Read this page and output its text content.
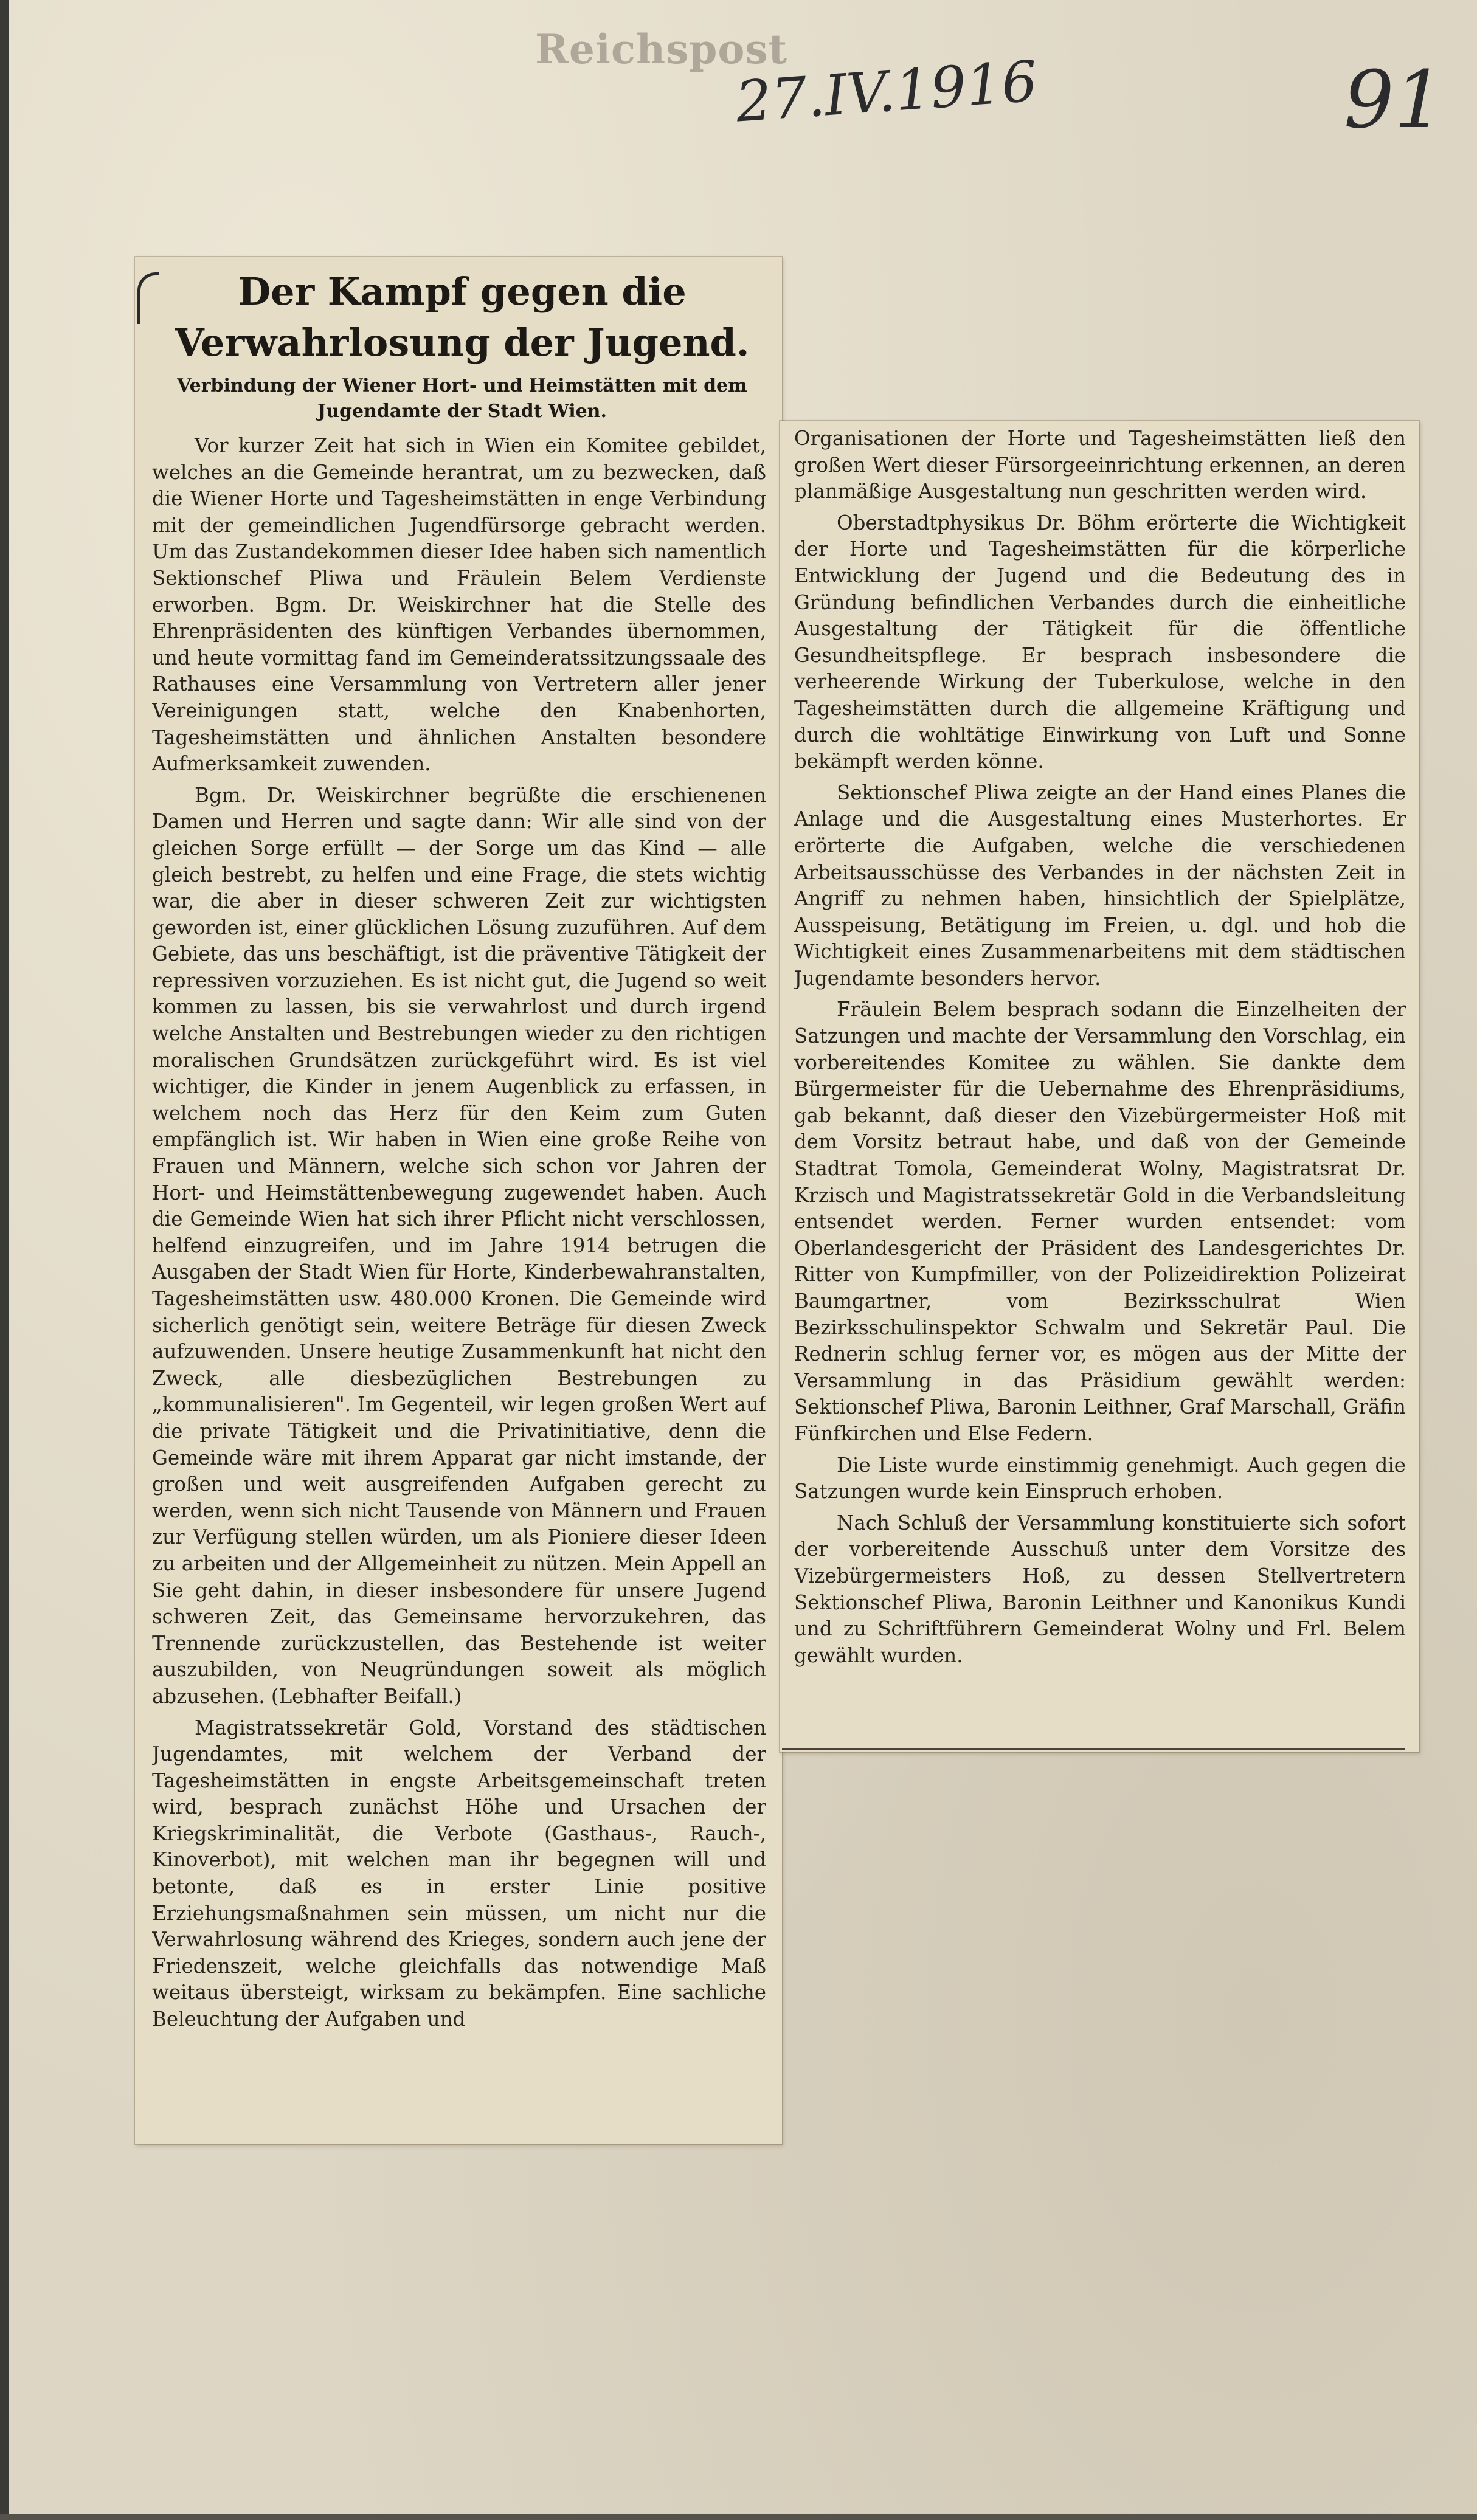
Reichspost
27.IV.1916	91
Der Kampf gegen die Verwahrlosung der Jugend.
Verbindung der Wiener Hort- und Heimstätten mit dem Jugendamte der Stadt Wien.

Vor kurzer Zeit hat sich in Wien ein Komitee gebildet, welches an die Gemeinde herantrat, um zu bezwecken, daß die Wiener Horte und Tagesheimstätten in enge Verbindung mit der gemeindlichen Jugendfürsorge gebracht werden. Um das Zustandekommen dieser Idee haben sich namentlich Sektionschef Pliwa und Fräulein Belem Verdienste erworben. Bgm. Dr. Weiskirchner hat die Stelle des Ehrenpräsidenten des künftigen Verbandes übernommen, und heute vormittag fand im Gemeinderatssitzungssaale des Rathauses eine Versammlung von Vertretern aller jener Vereinigungen statt, welche den Knabenhorten, Tagesheimstätten und ähnlichen Anstalten besondere Aufmerksamkeit zuwenden.

Bgm. Dr. Weiskirchner begrüßte die erschienenen Damen und Herren und sagte dann: Wir alle sind von der gleichen Sorge erfüllt — der Sorge um das Kind — alle gleich bestrebt, zu helfen und eine Frage, die stets wichtig war, die aber in dieser schweren Zeit zur wichtigsten geworden ist, einer glücklichen Lösung zuzuführen. Auf dem Gebiete, das uns beschäftigt, ist die präventive Tätigkeit der repressiven vorzuziehen. Es ist nicht gut, die Jugend so weit kommen zu lassen, bis sie verwahrlost und durch irgend welche Anstalten und Bestrebungen wieder zu den richtigen moralischen Grundsätzen zurückgeführt wird. Es ist viel wichtiger, die Kinder in jenem Augenblick zu erfassen, in welchem noch das Herz für den Keim zum Guten empfänglich ist. Wir haben in Wien eine große Reihe von Frauen und Männern, welche sich schon vor Jahren der Hort- und Heimstättenbewegung zugewendet haben. Auch die Gemeinde Wien hat sich ihrer Pflicht nicht verschlossen, helfend einzugreifen, und im Jahre 1914 betrugen die Ausgaben der Stadt Wien für Horte, Kinderbewahranstalten, Tagesheimstätten usw. 480.000 Kronen. Die Gemeinde wird sicherlich genötigt sein, weitere Beträge für diesen Zweck aufzuwenden. Unsere heutige Zusammenkunft hat nicht den Zweck, alle diesbezüglichen Bestrebungen zu „kommunalisieren". Im Gegenteil, wir legen großen Wert auf die private Tätigkeit und die Privatinitiative, denn die Gemeinde wäre mit ihrem Apparat gar nicht imstande, der großen und weit ausgreifenden Aufgaben gerecht zu werden, wenn sich nicht Tausende von Männern und Frauen zur Verfügung stellen würden, um als Pioniere dieser Ideen zu arbeiten und der Allgemeinheit zu nützen. Mein Appell an Sie geht dahin, in dieser insbesondere für unsere Jugend schweren Zeit, das Gemeinsame hervorzukehren, das Trennende zurückzustellen, das Bestehende ist weiter auszubilden, von Neugründungen soweit als möglich abzusehen. (Lebhafter Beifall.)

Magistratssekretär Gold, Vorstand des städtischen Jugendamtes, mit welchem der Verband der Tagesheimstätten in engste Arbeitsgemeinschaft treten wird, besprach zunächst Höhe und Ursachen der Kriegskriminalität, die Verbote (Gasthaus-, Rauch-, Kinoverbot), mit welchen man ihr begegnen will und betonte, daß es in erster Linie positive Erziehungsmaßnahmen sein müssen, um nicht nur die Verwahrlosung während des Krieges, sondern auch jene der Friedenszeit, welche gleichfalls das notwendige Maß weitaus übersteigt, wirksam zu bekämpfen. Eine sachliche Beleuchtung der Aufgaben und

Organisationen der Horte und Tagesheimstätten ließ den großen Wert dieser Fürsorgeeinrichtung erkennen, an deren planmäßige Ausgestaltung nun geschritten werden wird.

Oberstadtphysikus Dr. Böhm erörterte die Wichtigkeit der Horte und Tagesheimstätten für die körperliche Entwicklung der Jugend und die Bedeutung des in Gründung befindlichen Verbandes durch die einheitliche Ausgestaltung der Tätigkeit für die öffentliche Gesundheitspflege. Er besprach insbesondere die verheerende Wirkung der Tuberkulose, welche in den Tagesheimstätten durch die allgemeine Kräftigung und durch die wohltätige Einwirkung von Luft und Sonne bekämpft werden könne.

Sektionschef Pliwa zeigte an der Hand eines Planes die Anlage und die Ausgestaltung eines Musterhortes. Er erörterte die Aufgaben, welche die verschiedenen Arbeitsausschüsse des Verbandes in der nächsten Zeit in Angriff zu nehmen haben, hinsichtlich der Spielplätze, Ausspeisung, Betätigung im Freien, u. dgl. und hob die Wichtigkeit eines Zusammenarbeitens mit dem städtischen Jugendamte besonders hervor.

Fräulein Belem besprach sodann die Einzelheiten der Satzungen und machte der Versammlung den Vorschlag, ein vorbereitendes Komitee zu wählen. Sie dankte dem Bürgermeister für die Uebernahme des Ehrenpräsidiums, gab bekannt, daß dieser den Vizebürgermeister Hoß mit dem Vorsitz betraut habe, und daß von der Gemeinde Stadtrat Tomola, Gemeinderat Wolny, Magistratsrat Dr. Krzisch und Magistratssekretär Gold in die Verbandsleitung entsendet werden. Ferner wurden entsendet: vom Oberlandesgericht der Präsident des Landesgerichtes Dr. Ritter von Kumpfmiller, von der Polizeidirektion Polizeirat Baumgartner, vom Bezirksschulrat Wien Bezirksschulinspektor Schwalm und Sekretär Paul. Die Rednerin schlug ferner vor, es mögen aus der Mitte der Versammlung in das Präsidium gewählt werden: Sektionschef Pliwa, Baronin Leithner, Graf Marschall, Gräfin Fünfkirchen und Else Federn.

Die Liste wurde einstimmig genehmigt. Auch gegen die Satzungen wurde kein Einspruch erhoben.

Nach Schluß der Versammlung konstituierte sich sofort der vorbereitende Ausschuß unter dem Vorsitze des Vizebürgermeisters Hoß, zu dessen Stellvertretern Sektionschef Pliwa, Baronin Leithner und Kanonikus Kundi und zu Schriftführern Gemeinderat Wolny und Frl. Belem gewählt wurden.
